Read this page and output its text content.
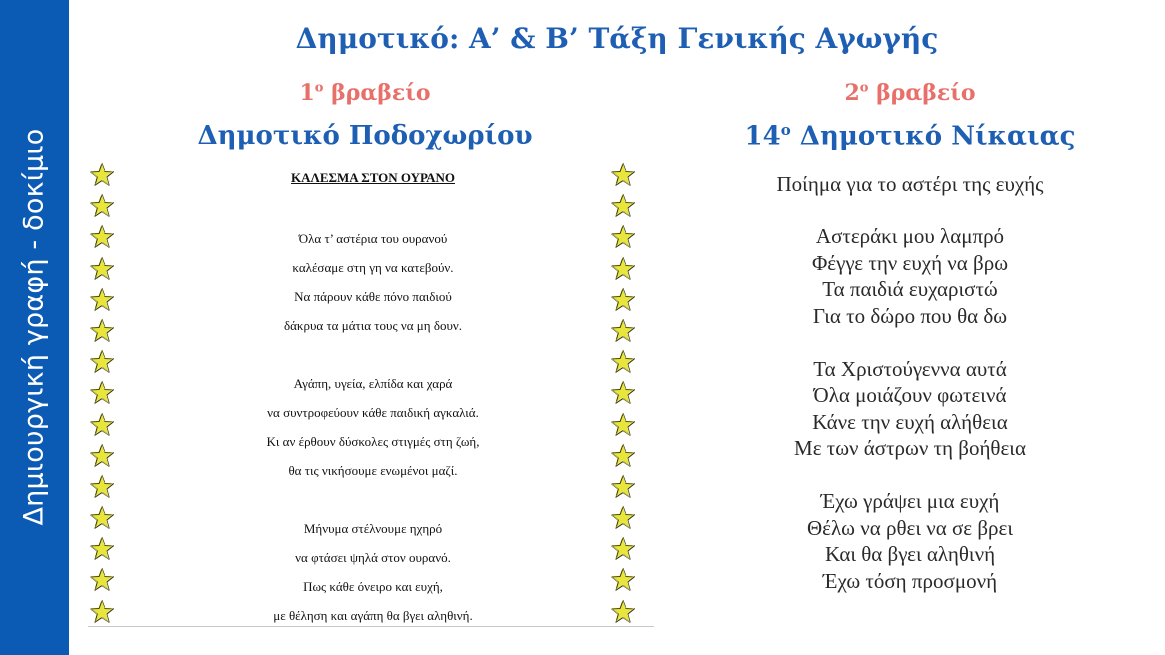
Δημιουργική γραφή - δοκίμιο
Δημοτικό: Α’ & Β’ Τάξη Γενικής Αγωγής
$1^o$ βραβείο
Δημοτικό Ποδοχωρίου
ΚΑΛΕΣΜΑ ΣΤΟΝ ΟΥΡΑΝΟ
Όλα τ’ αστέρια του ουρανού
καλέσαμε στη γη να κατεβούν.
Να πάρουν κάθε πόνο παιδιού
δάκρυα τα μάτια τους να μη δουν.
Αγάπη, υγεία, ελπίδα και χαρά
να συντροφεύουν κάθε παιδική αγκαλιά.
Κι αν έρθουν δύσκολες στιγμές στη ζωή,
θα τις νικήσουμε ενωμένοι μαζί.
Μήνυμα στέλνουμε ηχηρό
να φτάσει ψηλά στον ουρανό.
Πως κάθε όνειρο και ευχή,
με θέληση και αγάπη θα βγει αληθινή.
$2^o$ βραβείο
$14^o$ Δημοτικό Νίκαιας
Ποίημα για το αστέρι της ευχής
Αστεράκι μου λαμπρό
Φέγγε την ευχή να βρω
Τα παιδιά ευχαριστώ
Για το δώρο που θα δω
Τα Χριστούγεννα αυτά
Όλα μοιάζουν φωτεινά
Κάνε την ευχή αλήθεια
Με των άστρων τη βοήθεια
Έχω γράψει μια ευχή
Θέλω να ρθει να σε βρει
Και θα βγει αληθινή
Έχω τόση προσμονή
